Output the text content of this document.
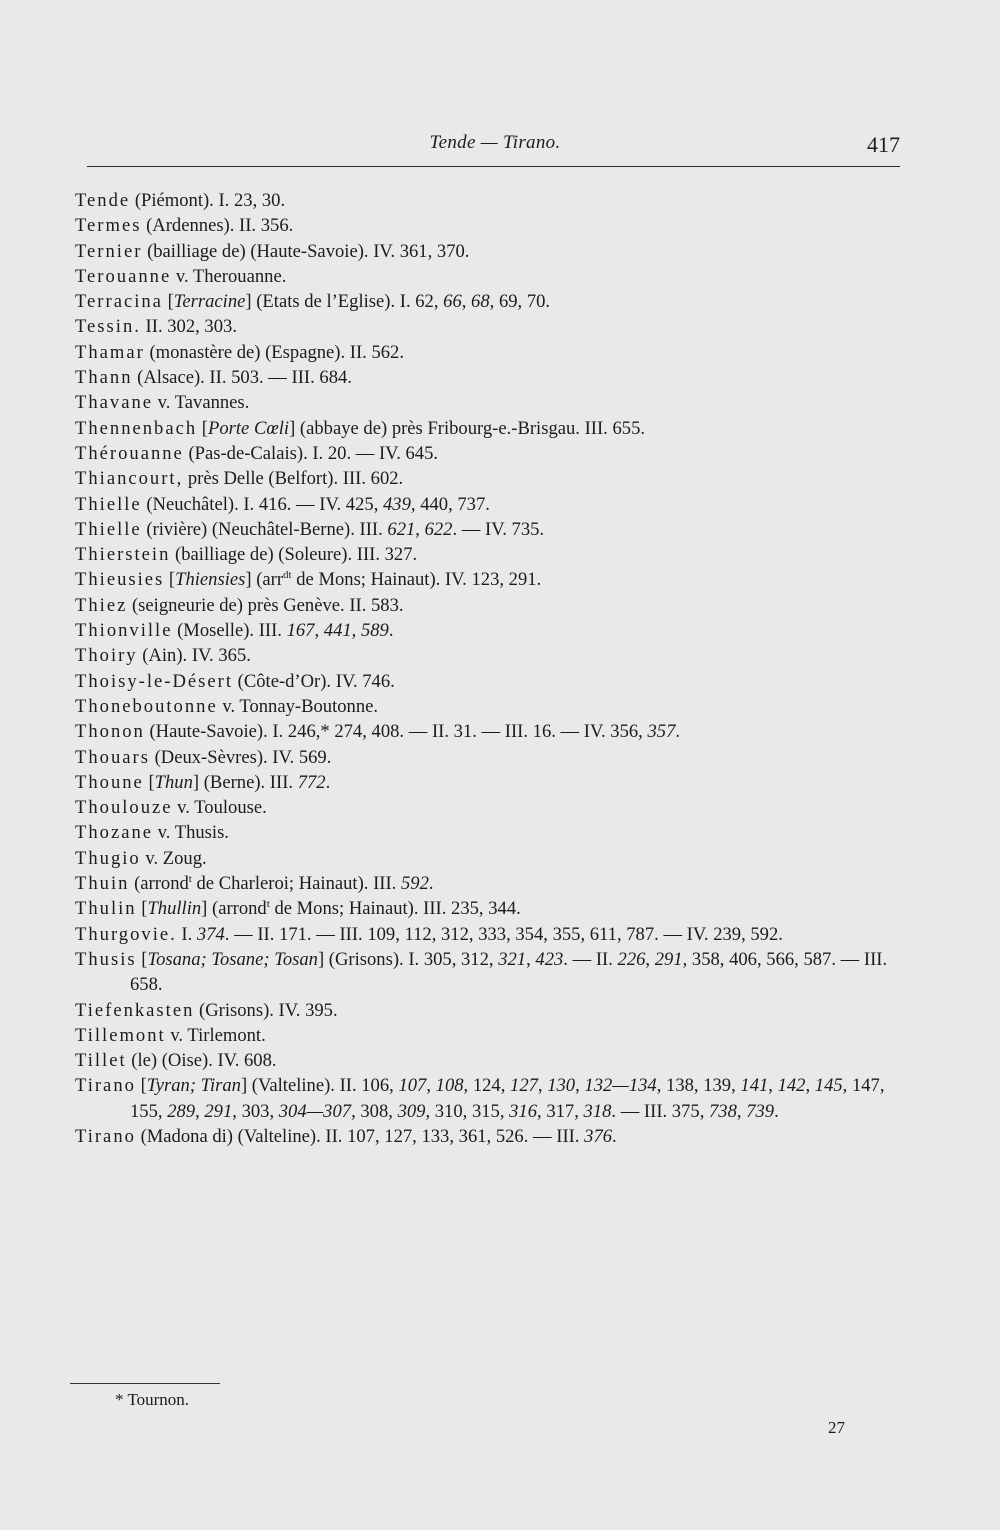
Tende — Tirano.	417

Tende (Piémont). I. 23, 30.

Termes (Ardennes). II. 356.

Ternier (bailliage de) (Haute-Savoie). IV. 361, 370.

Terouanne v. Therouanne.

Terracina [Terracine] (Etats de l’Eglise). I. 62, 66, 68, 69, 70.

Tessin. II. 302, 303.

Thamar (monastère de) (Espagne). II. 562.

Thann (Alsace). II. 503. — III. 684.

Thavane v. Tavannes.

Thennenbach [Porte Cœli] (abbaye de) près Fribourg-e.-Brisgau. III. 655.

Thérouanne (Pas-de-Calais). I. 20. — IV. 645.

Thiancourt, près Delle (Belfort). III. 602.

Thielle (Neuchâtel). I. 416. — IV. 425, 439, 440, 737.

Thielle (rivière) (Neuchâtel-Berne). III. 621, 622. — IV. 735.

Thierstein (bailliage de) (Soleure). III. 327.

Thieusies [Thiensies] (arr$^{dt}$ de Mons; Hainaut). IV. 123, 291.

Thiez (seigneurie de) près Genève. II. 583.

Thionville (Moselle). III. 167, 441, 589.

Thoiry (Ain). IV. 365.

Thoisy-le-Désert (Côte-d’Or). IV. 746.

Thoneboutonne v. Tonnay-Boutonne.

Thonon (Haute-Savoie). I. 246,* 274, 408. — II. 31. — III. 16. — IV. 356, 357.

Thouars (Deux-Sèvres). IV. 569.

Thoune [Thun] (Berne). III. 772.

Thoulouze v. Toulouse.

Thozane v. Thusis.

Thugio v. Zoug.

Thuin (arrond$^t$ de Charleroi; Hainaut). III. 592.

Thulin [Thullin] (arrond$^t$ de Mons; Hainaut). III. 235, 344.

Thurgovie. I. 374. — II. 171. — III. 109, 112, 312, 333, 354, 355, 611, 787. — IV. 239, 592.

Thusis [Tosana; Tosane; Tosan] (Grisons). I. 305, 312, 321, 423. — II. 226, 291, 358, 406, 566, 587. — III. 658.

Tiefenkasten (Grisons). IV. 395.

Tillemont v. Tirlemont.

Tillet (le) (Oise). IV. 608.

Tirano [Tyran; Tiran] (Valteline). II. 106, 107, 108, 124, 127, 130, 132—134, 138, 139, 141, 142, 145, 147, 155, 289, 291, 303, 304—307, 308, 309, 310, 315, 316, 317, 318. — III. 375, 738, 739.

Tirano (Madona di) (Valteline). II. 107, 127, 133, 361, 526. — III. 376.

* Tournon.
27
